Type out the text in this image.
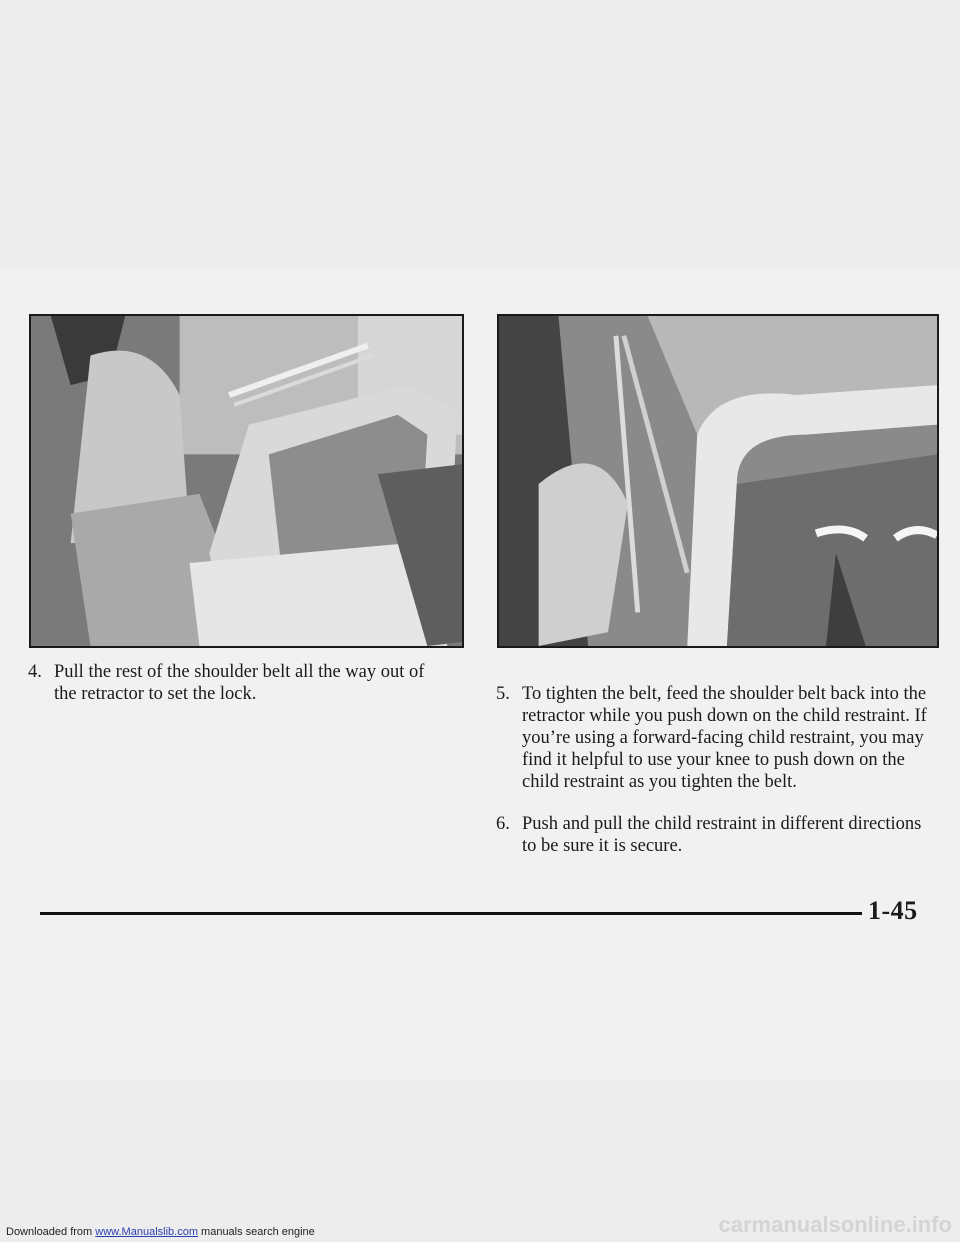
4. Pull the rest of the shoulder belt all the way out of the retractor to set the lock.	5. To tighten the belt, feed the shoulder belt back into the retractor while you push down on the child restraint. If you’re using a forward-facing child restraint, you may find it helpful to use your knee to push down on the child restraint as you tighten the belt.
6. Push and pull the child restraint in different directions to be sure it is secure.
1-45
Downloaded from www.Manualslib.com manuals search engine	carmanualsonline.info
